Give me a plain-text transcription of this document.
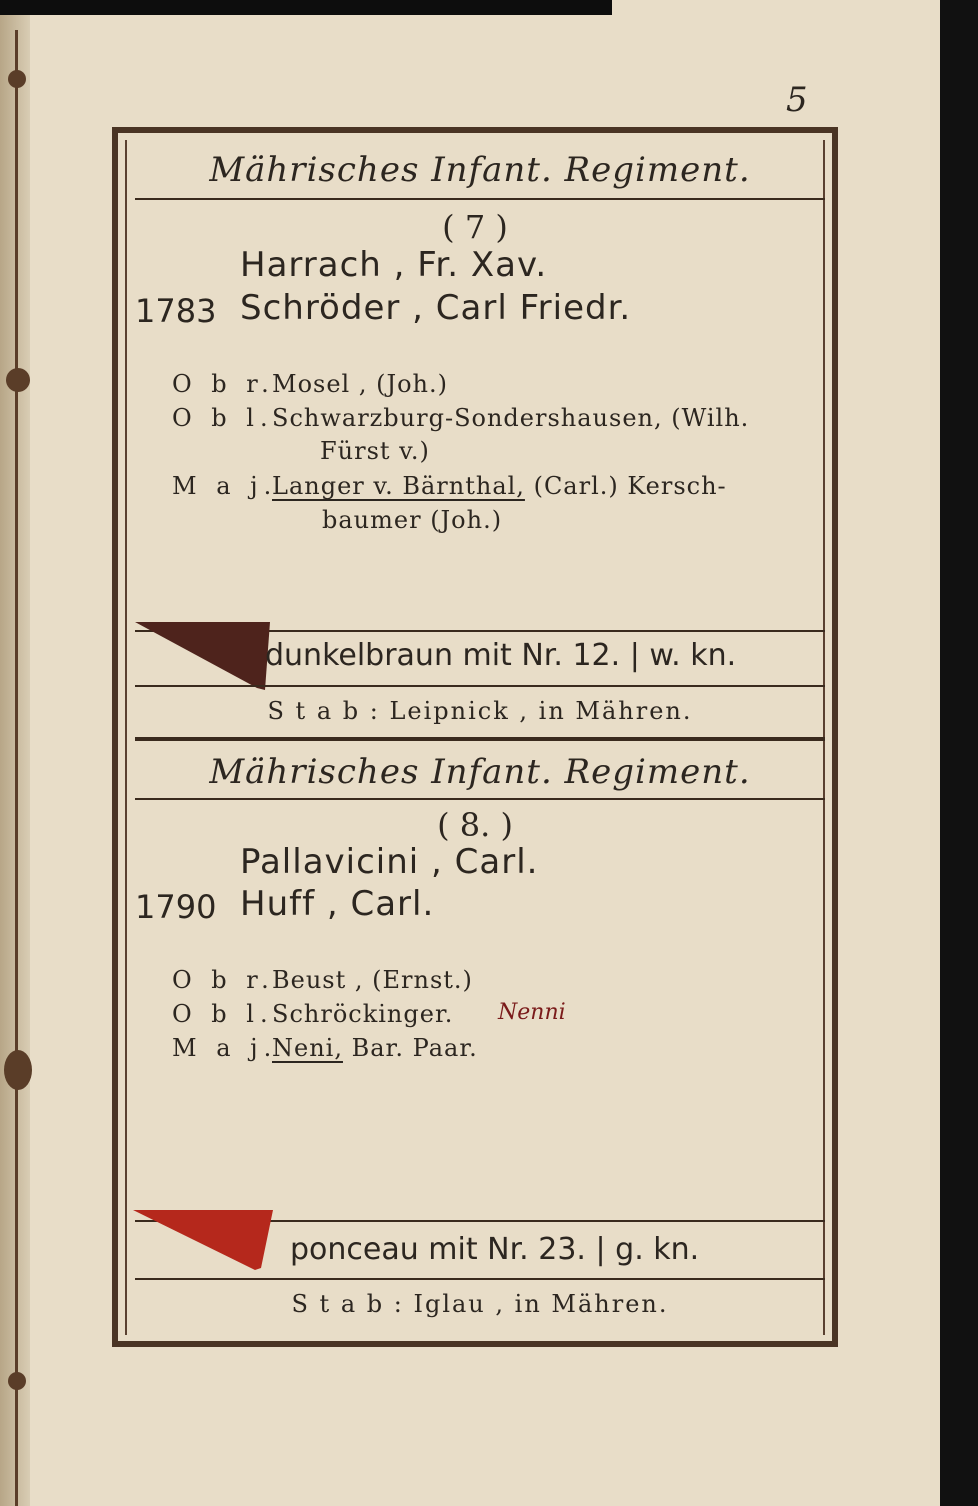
5
Mährisches Infant. Regiment.
( 7 )
Harrach , Fr. Xav.
1783 Schröder , Carl Friedr.
O b r.Mosel , (Joh.)
O b l.Schwarzburg-Sondershausen, (Wilh.
Fürst v.)
M a j.Langer v. Bärnthal, (Carl.) Kersch-
baumer (Joh.)
dunkelbraun mit Nr. 12. | w. kn.
S t a b : Leipnick , in Mähren.
Mährisches Infant. Regiment.
( 8. )
Pallavicini , Carl.
1790 Huff , Carl.
O b r.Beust , (Ernst.)
O b l.Schröckinger. Nenni
M a j.Neni, Bar. Paar.
ponceau mit Nr. 23. | g. kn.
S t a b : Iglau , in Mähren.
